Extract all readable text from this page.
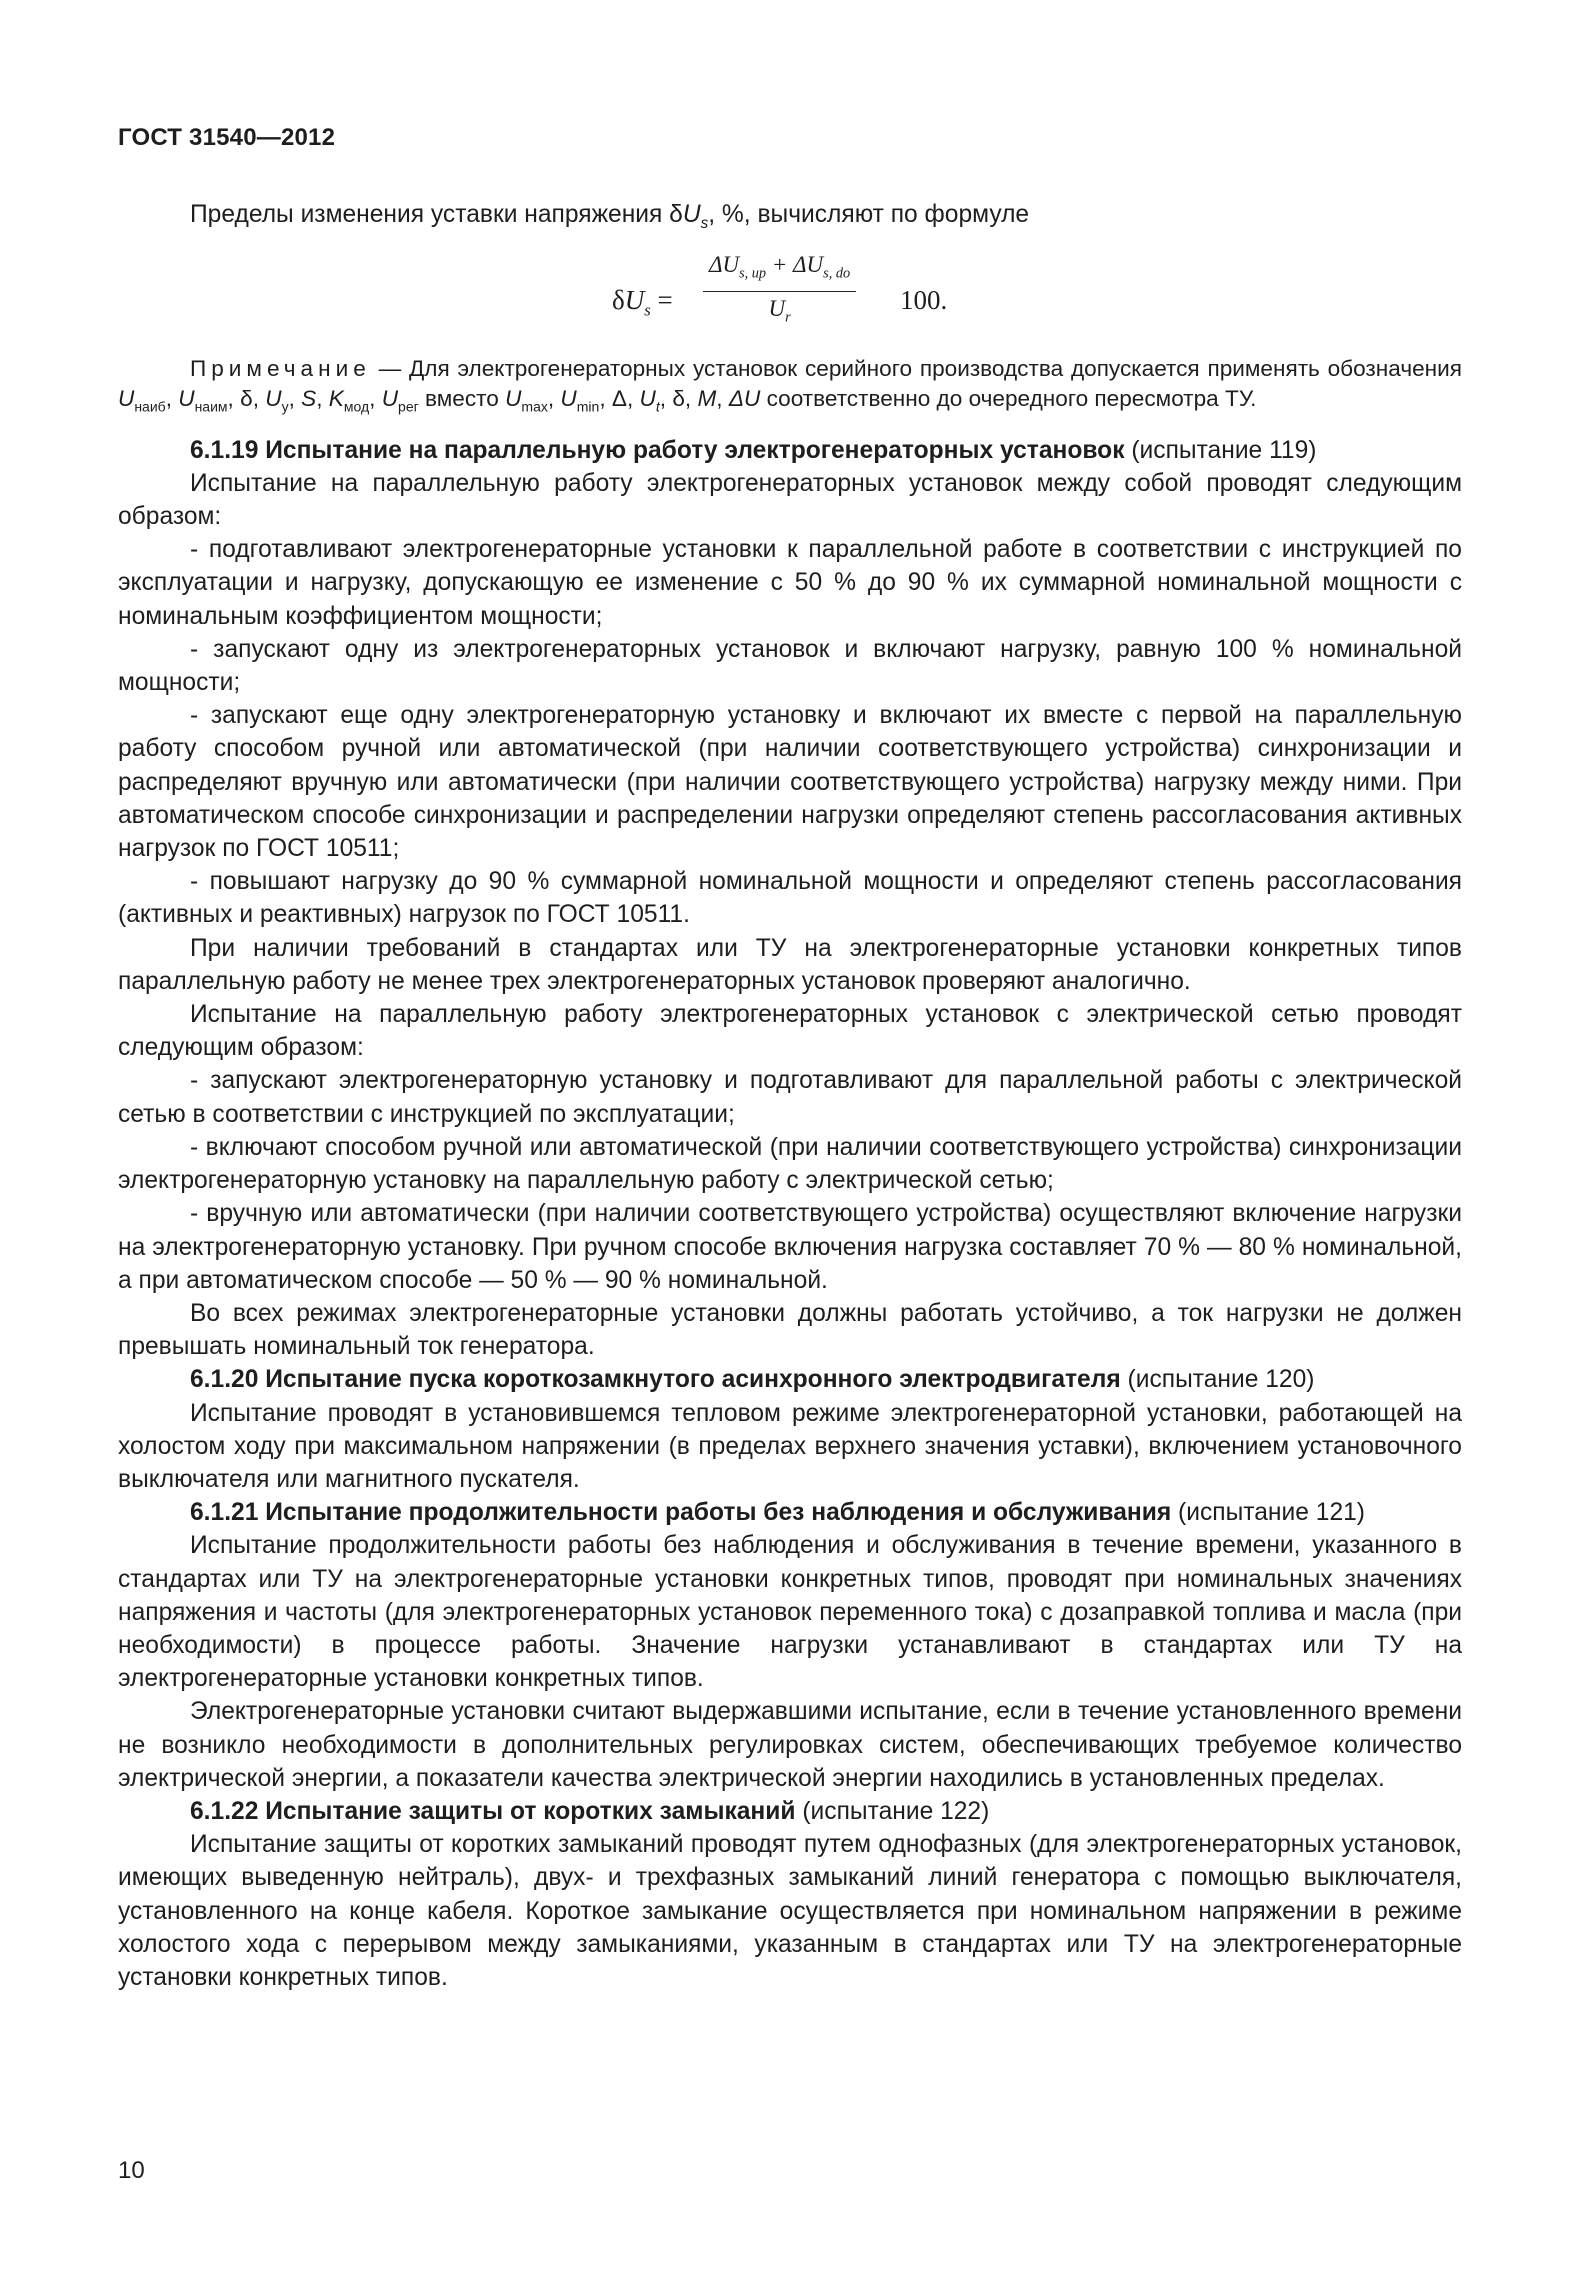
ГОСТ 31540—2012

Пределы изменения уставки напряжения $\delta U_s$, %, вычисляют по формуле

$\delta U_s$ =
$\Delta U_{s, up} + \Delta U_{s, do}$
$U_r$
100.

Примечание — Для электрогенераторных установок серийного производства допускается применять обозначения $U_{наиб}$, $U_{наим}$, δ, $U_у$, S, $K_{мод}$, $U_{рег}$ вместо $U_{max}$, $U_{min}$, Δ, $U_t$, δ, M, ΔU соответственно до очередного пересмотра ТУ.

6.1.19 Испытание на параллельную работу электрогенераторных установок (испытание 119)

Испытание на параллельную работу электрогенераторных установок между собой проводят следующим образом:

- подготавливают электрогенераторные установки к параллельной работе в соответствии с инструкцией по эксплуатации и нагрузку, допускающую ее изменение с 50 % до 90 % их суммарной номинальной мощности с номинальным коэффициентом мощности;

- запускают одну из электрогенераторных установок и включают нагрузку, равную 100 % номинальной мощности;

- запускают еще одну электрогенераторную установку и включают их вместе с первой на параллельную работу способом ручной или автоматической (при наличии соответствующего устройства) синхронизации и распределяют вручную или автоматически (при наличии соответствующего устройства) нагрузку между ними. При автоматическом способе синхронизации и распределении нагрузки определяют степень рассогласования активных нагрузок по ГОСТ 10511;

- повышают нагрузку до 90 % суммарной номинальной мощности и определяют степень рассогласования (активных и реактивных) нагрузок по ГОСТ 10511.

При наличии требований в стандартах или ТУ на электрогенераторные установки конкретных типов параллельную работу не менее трех электрогенераторных установок проверяют аналогично.

Испытание на параллельную работу электрогенераторных установок с электрической сетью проводят следующим образом:

- запускают электрогенераторную установку и подготавливают для параллельной работы с электрической сетью в соответствии с инструкцией по эксплуатации;

- включают способом ручной или автоматической (при наличии соответствующего устройства) синхронизации электрогенераторную установку на параллельную работу с электрической сетью;

- вручную или автоматически (при наличии соответствующего устройства) осуществляют включение нагрузки на электрогенераторную установку. При ручном способе включения нагрузка составляет 70 % — 80 % номинальной, а при автоматическом способе — 50 % — 90 % номинальной.

Во всех режимах электрогенераторные установки должны работать устойчиво, а ток нагрузки не должен превышать номинальный ток генератора.

6.1.20 Испытание пуска короткозамкнутого асинхронного электродвигателя (испытание 120)

Испытание проводят в установившемся тепловом режиме электрогенераторной установки, работающей на холостом ходу при максимальном напряжении (в пределах верхнего значения уставки), включением установочного выключателя или магнитного пускателя.

6.1.21 Испытание продолжительности работы без наблюдения и обслуживания (испытание 121)

Испытание продолжительности работы без наблюдения и обслуживания в течение времени, указанного в стандартах или ТУ на электрогенераторные установки конкретных типов, проводят при номинальных значениях напряжения и частоты (для электрогенераторных установок переменного тока) с дозаправкой топлива и масла (при необходимости) в процессе работы. Значение нагрузки устанавливают в стандартах или ТУ на электрогенераторные установки конкретных типов.

Электрогенераторные установки считают выдержавшими испытание, если в течение установленного времени не возникло необходимости в дополнительных регулировках систем, обеспечивающих требуемое количество электрической энергии, а показатели качества электрической энергии находились в установленных пределах.

6.1.22 Испытание защиты от коротких замыканий (испытание 122)

Испытание защиты от коротких замыканий проводят путем однофазных (для электрогенераторных установок, имеющих выведенную нейтраль), двух- и трехфазных замыканий линий генератора с помощью выключателя, установленного на конце кабеля. Короткое замыкание осуществляется при номинальном напряжении в режиме холостого хода с перерывом между замыканиями, указанным в стандартах или ТУ на электрогенераторные установки конкретных типов.

10
